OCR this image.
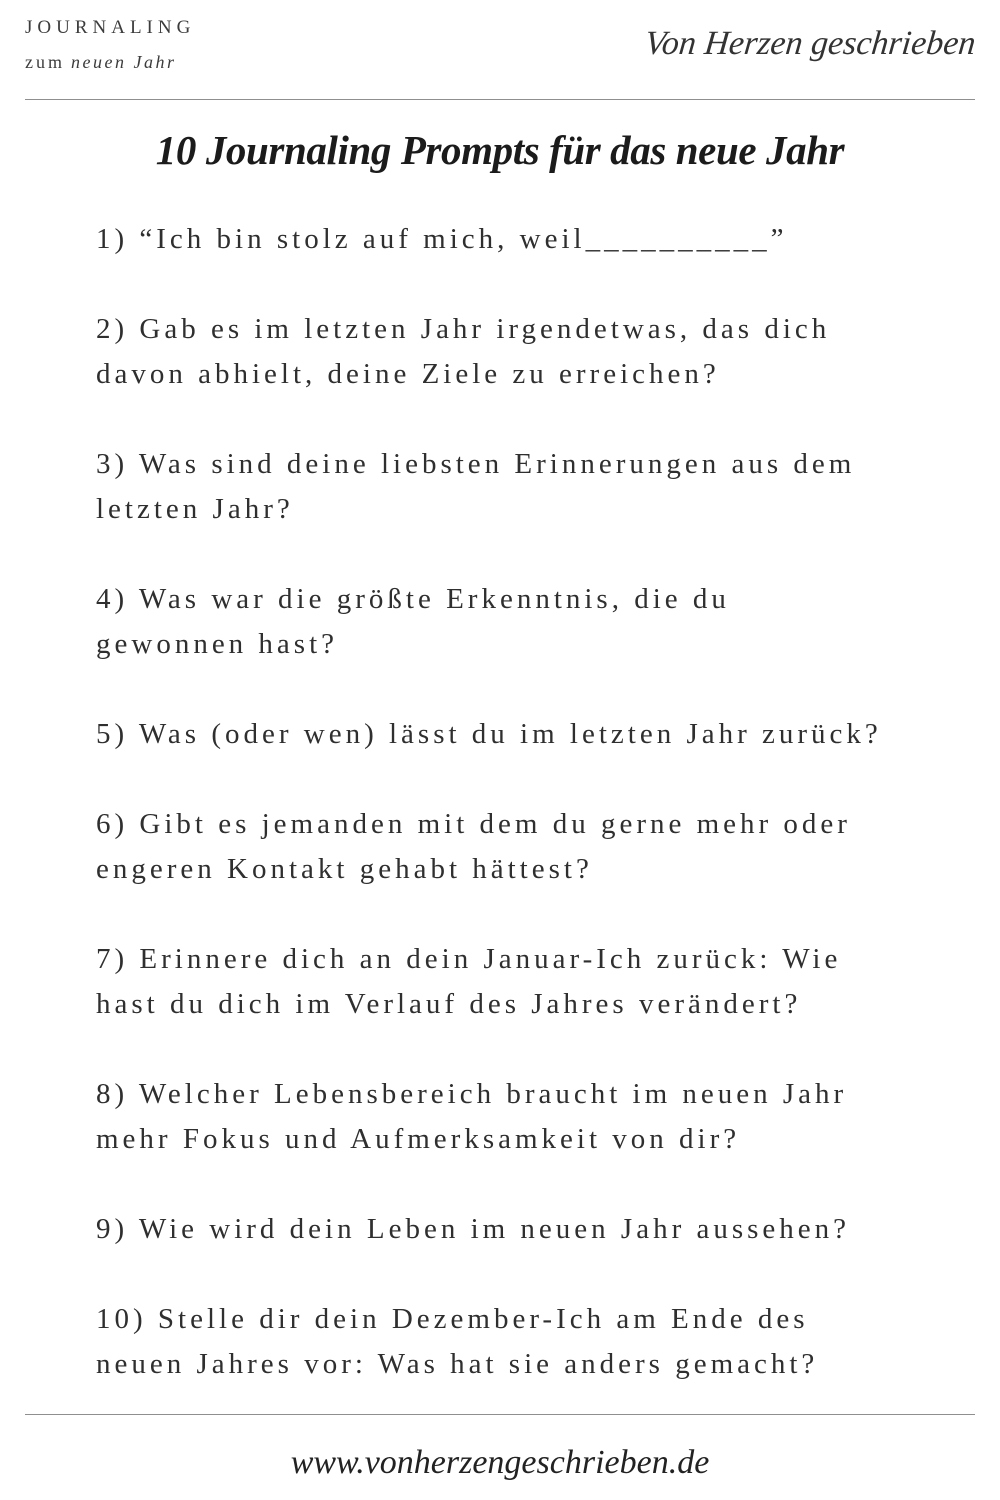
JOURNALING
zum neuen Jahr	Von Herzen geschrieben
10 Journaling Prompts für das neue Jahr
1) “Ich bin stolz auf mich, weil__________”
2) Gab es im letzten Jahr irgendetwas, das dich
davon abhielt, deine Ziele zu erreichen?
3) Was sind deine liebsten Erinnerungen aus dem
letzten Jahr?
4) Was war die größte Erkenntnis, die du
gewonnen hast?
5) Was (oder wen) lässt du im letzten Jahr zurück?
6) Gibt es jemanden mit dem du gerne mehr oder
engeren Kontakt gehabt hättest?
7) Erinnere dich an dein Januar-Ich zurück: Wie
hast du dich im Verlauf des Jahres verändert?
8) Welcher Lebensbereich braucht im neuen Jahr
mehr Fokus und Aufmerksamkeit von dir?
9) Wie wird dein Leben im neuen Jahr aussehen?
10) Stelle dir dein Dezember-Ich am Ende des
neuen Jahres vor: Was hat sie anders gemacht?
www.vonherzengeschrieben.de
